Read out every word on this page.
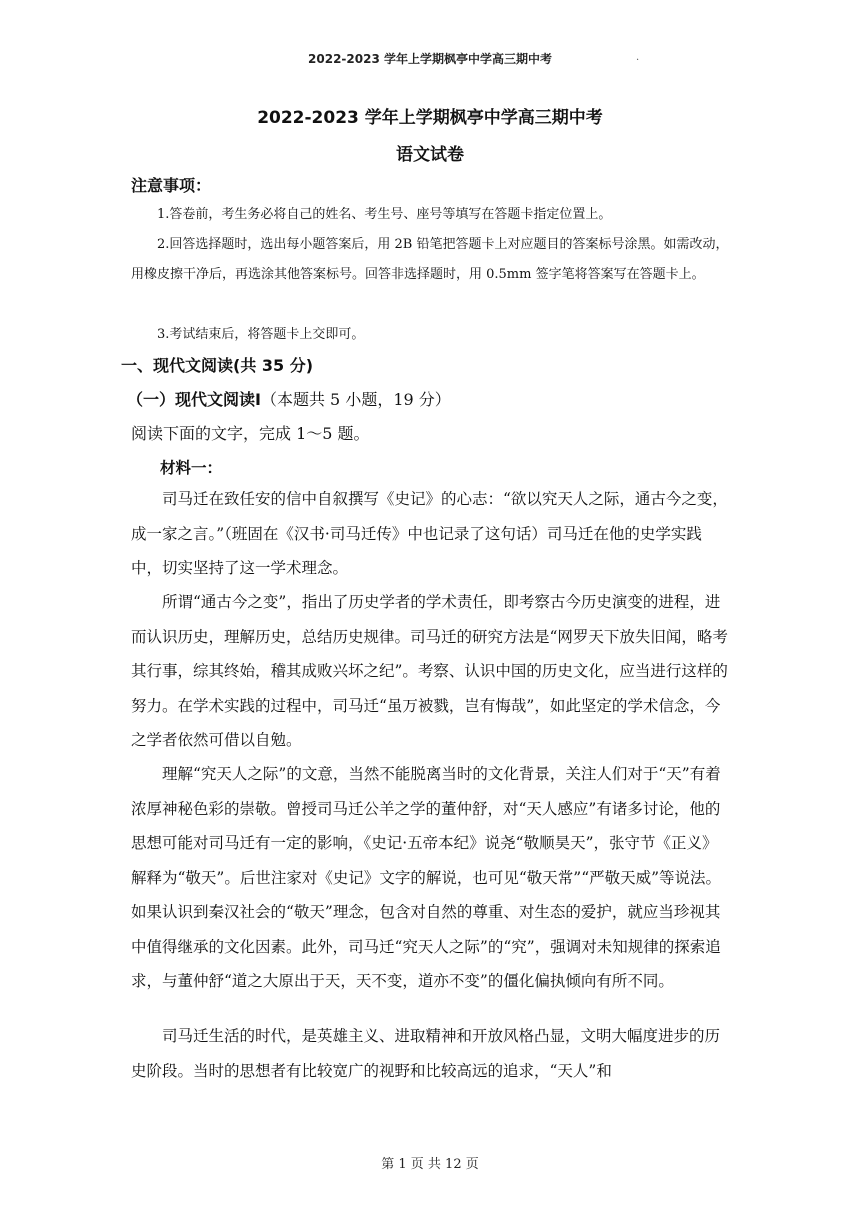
2022-2023 学年上学期枫亭中学高三期中考	.
2022-2023 学年上学期枫亭中学高三期中考
语文试卷
注意事项：
1.答卷前，考生务必将自己的姓名、考生号、座号等填写在答题卡指定位置上。
2.回答选择题时，选出每小题答案后，用 2B 铅笔把答题卡上对应题目的答案标号涂黑。如需改动，用橡皮擦干净后，再选涂其他答案标号。回答非选择题时，用 0.5mm 签字笔将答案写在答题卡上。
3.考试结束后，将答题卡上交即可。
一、现代文阅读(共 35 分)
（一）现代文阅读Ⅰ（本题共 5 小题，19 分）
阅读下面的文字，完成 1～5 题。
材料一：
司马迁在致任安的信中自叙撰写《史记》的心志：“欲以究天人之际，通古今之变，成一家之言。”（班固在《汉书·司马迁传》中也记录了这句话）司马迁在他的史学实践中，切实坚持了这一学术理念。
所谓“通古今之变”，指出了历史学者的学术责任，即考察古今历史演变的进程，进而认识历史，理解历史，总结历史规律。司马迁的研究方法是“网罗天下放失旧闻，略考其行事，综其终始，稽其成败兴坏之纪”。考察、认识中国的历史文化，应当进行这样的努力。在学术实践的过程中，司马迁“虽万被戮，岂有悔哉”，如此坚定的学术信念，今之学者依然可借以自勉。
理解“究天人之际”的文意，当然不能脱离当时的文化背景，关注人们对于“天”有着浓厚神秘色彩的崇敬。曾授司马迁公羊之学的董仲舒，对“天人感应”有诸多讨论，他的思想可能对司马迁有一定的影响，《史记·五帝本纪》说尧“敬顺昊天”，张守节《正义》解释为“敬天”。后世注家对《史记》文字的解说，也可见“敬天常”“严敬天威”等说法。如果认识到秦汉社会的“敬天”理念，包含对自然的尊重、对生态的爱护，就应当珍视其中值得继承的文化因素。此外，司马迁“究天人之际”的“究”，强调对未知规律的探索追求，与董仲舒“道之大原出于天，天不变，道亦不变”的僵化偏执倾向有所不同。
司马迁生活的时代，是英雄主义、进取精神和开放风格凸显，文明大幅度进步的历史阶段。当时的思想者有比较宽广的视野和比较高远的追求，“天人”和
第 1 页 共 12 页
